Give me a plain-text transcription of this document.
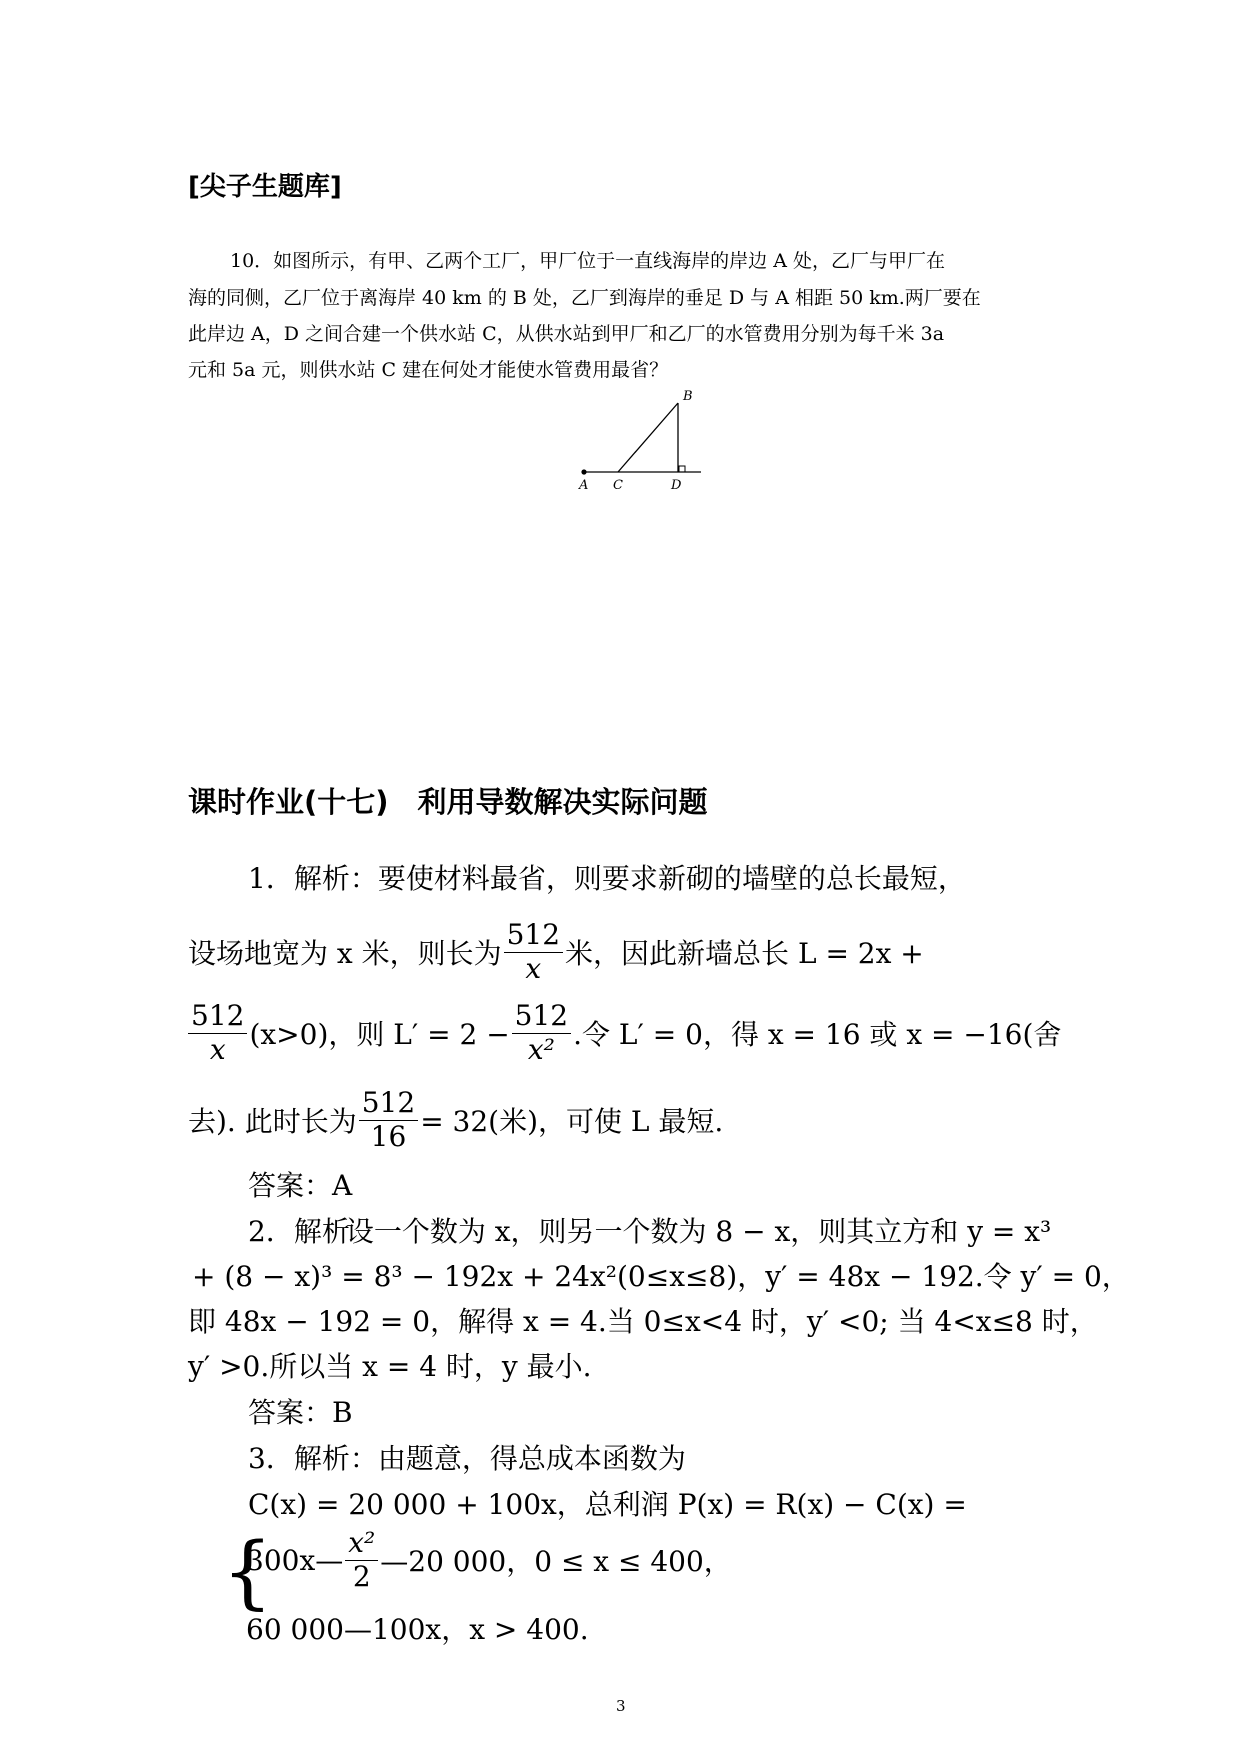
[尖子生题库]
10．如图所示，有甲、乙两个工厂，甲厂位于一直线海岸的岸边 A 处，乙厂与甲厂在
海的同侧，乙厂位于离海岸 40 km 的 B 处，乙厂到海岸的垂足 D 与 A 相距 50 km.两厂要在
此岸边 A，D 之间合建一个供水站 C，从供水站到甲厂和乙厂的水管费用分别为每千米 3a
元和 5a 元，则供水站 C 建在何处才能使水管费用最省？
B
A C	D
课时作业(十七)　利用导数解决实际问题
1．解析：要使材料最省，则要求新砌的墙壁的总长最短，
设场地宽为 x 米，则长为 $\frac{512}{x}$ 米，因此新墙总长 L = 2x +
$\frac{512}{x} (x>0)$，则 $L' = 2 - \frac{512}{\text{x²}}$ .令 L′ = 0，得 x = 16 或 x = −16(舍
去). 此时长为 $\frac{512}{16} = 32$(米)，可使 L 最短.
答案：A
2．解析设一个数为 x，则另一个数为 8 − x，则其立方和 y = x³
+ (8 − x)³ = 8³ − 192x + 24x²(0≤x≤8)，y′ = 48x − 192.令 y′ = 0，
即 48x − 192 = 0，解得 x = 4.当 0≤x<4 时，y′ <0; 当 4<x≤8 时，
y′ >0.所以当 x = 4 时，y 最小.
答案：B
3．解析：由题意，得总成本函数为
C(x) = 20 000 + 100x，总利润 P(x) = R(x) − C(x) =
{
300x— $\frac{\text{x²}}{2}$ —20 000，0 ≤ x ≤ 400，
60 000—100x，x > 400.
3
